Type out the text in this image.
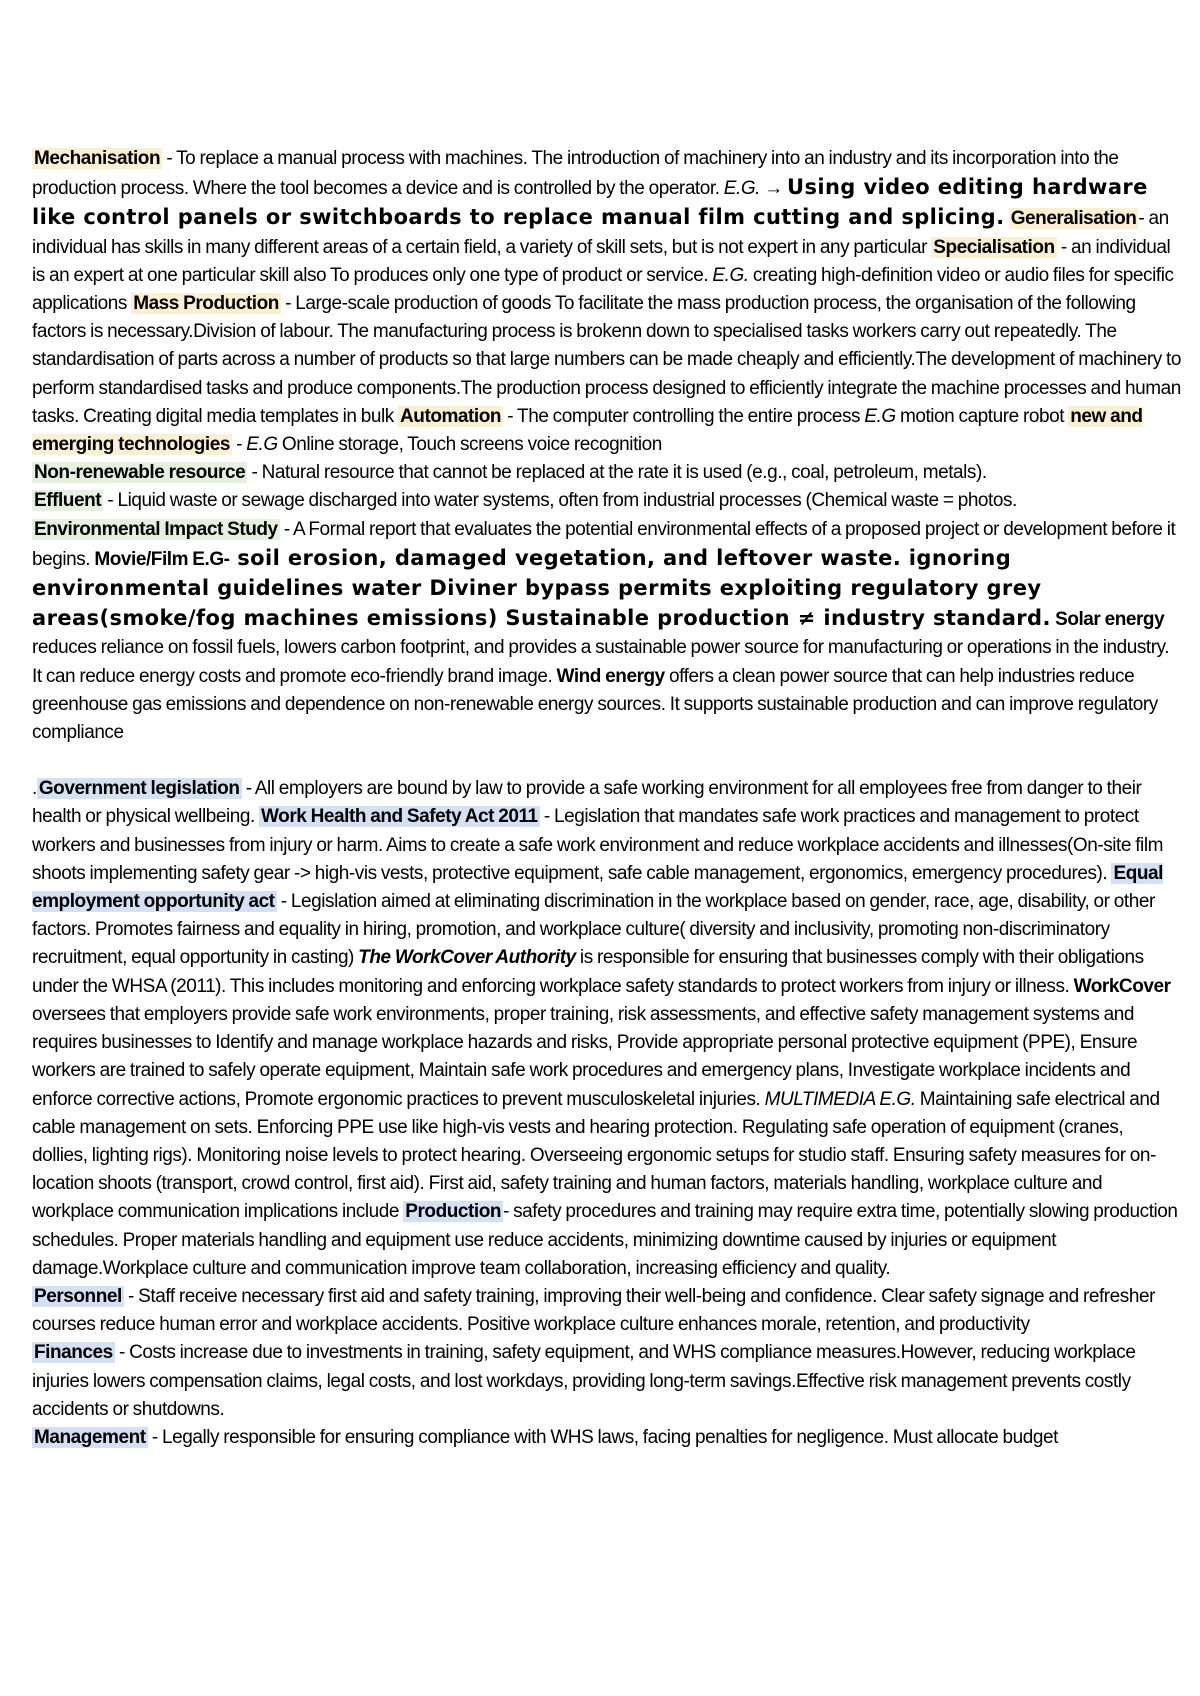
Mechanisation - To replace a manual process with machines. The introduction of machinery into an industry and its incorporation into the production process. Where the tool becomes a device and is controlled by the operator. E.G. → Using video editing hardware like control panels or switchboards to replace manual film cutting and splicing. Generalisation - an individual has skills in many different areas of a certain field, a variety of skill sets, but is not expert in any particular Specialisation - an individual is an expert at one particular skill also To produces only one type of product or service. E.G. creating high-definition video or audio files for specific applications Mass Production - Large-scale production of goods To facilitate the mass production process, the organisation of the following factors is necessary.Division of labour. The manufacturing process is brokenn down to specialised tasks workers carry out repeatedly. The standardisation of parts across a number of products so that large numbers can be made cheaply and efficiently.The development of machinery to perform standardised tasks and produce components.The production process designed to efficiently integrate the machine processes and human tasks. Creating digital media templates in bulk Automation - The computer controlling the entire process E.G motion capture robot new and emerging technologies - E.G Online storage, Touch screens voice recognition
Non-renewable resource - Natural resource that cannot be replaced at the rate it is used (e.g., coal, petroleum, metals).
Effluent - Liquid waste or sewage discharged into water systems, often from industrial processes (Chemical waste = photos.
Environmental Impact Study - A Formal report that evaluates the potential environmental effects of a proposed project or development before it begins. Movie/Film E.G- soil erosion, damaged vegetation, and leftover waste. ignoring environmental guidelines water Diviner bypass permits exploiting regulatory grey areas(smoke/fog machines emissions) Sustainable production ≠ industry standard. Solar energy reduces reliance on fossil fuels, lowers carbon footprint, and provides a sustainable power source for manufacturing or operations in the industry. It can reduce energy costs and promote eco-friendly brand image. Wind energy offers a clean power source that can help industries reduce greenhouse gas emissions and dependence on non-renewable energy sources. It supports sustainable production and can improve regulatory compliance

. Government legislation - All employers are bound by law to provide a safe working environment for all employees free from danger to their health or physical wellbeing. Work Health and Safety Act 2011 - Legislation that mandates safe work practices and management to protect workers and businesses from injury or harm. Aims to create a safe work environment and reduce workplace accidents and illnesses(On-site film shoots implementing safety gear -> high-vis vests, protective equipment, safe cable management, ergonomics, emergency procedures). Equal employment opportunity act - Legislation aimed at eliminating discrimination in the workplace based on gender, race, age, disability, or other factors. Promotes fairness and equality in hiring, promotion, and workplace culture( diversity and inclusivity, promoting non-discriminatory recruitment, equal opportunity in casting) The WorkCover Authority is responsible for ensuring that businesses comply with their obligations under the WHSA (2011). This includes monitoring and enforcing workplace safety standards to protect workers from injury or illness. WorkCover oversees that employers provide safe work environments, proper training, risk assessments, and effective safety management systems and requires businesses to Identify and manage workplace hazards and risks, Provide appropriate personal protective equipment (PPE), Ensure workers are trained to safely operate equipment, Maintain safe work procedures and emergency plans, Investigate workplace incidents and enforce corrective actions, Promote ergonomic practices to prevent musculoskeletal injuries. MULTIMEDIA E.G. Maintaining safe electrical and cable management on sets. Enforcing PPE use like high-vis vests and hearing protection. Regulating safe operation of equipment (cranes, dollies, lighting rigs). Monitoring noise levels to protect hearing. Overseeing ergonomic setups for studio staff. Ensuring safety measures for on-location shoots (transport, crowd control, first aid). First aid, safety training and human factors, materials handling, workplace culture and workplace communication implications include Production - safety procedures and training may require extra time, potentially slowing production schedules. Proper materials handling and equipment use reduce accidents, minimizing downtime caused by injuries or equipment damage.Workplace culture and communication improve team collaboration, increasing efficiency and quality.
Personnel - Staff receive necessary first aid and safety training, improving their well-being and confidence. Clear safety signage and refresher courses reduce human error and workplace accidents. Positive workplace culture enhances morale, retention, and productivity
Finances - Costs increase due to investments in training, safety equipment, and WHS compliance measures.However, reducing workplace injuries lowers compensation claims, legal costs, and lost workdays, providing long-term savings.Effective risk management prevents costly accidents or shutdowns.
Management - Legally responsible for ensuring compliance with WHS laws, facing penalties for negligence. Must allocate budget
